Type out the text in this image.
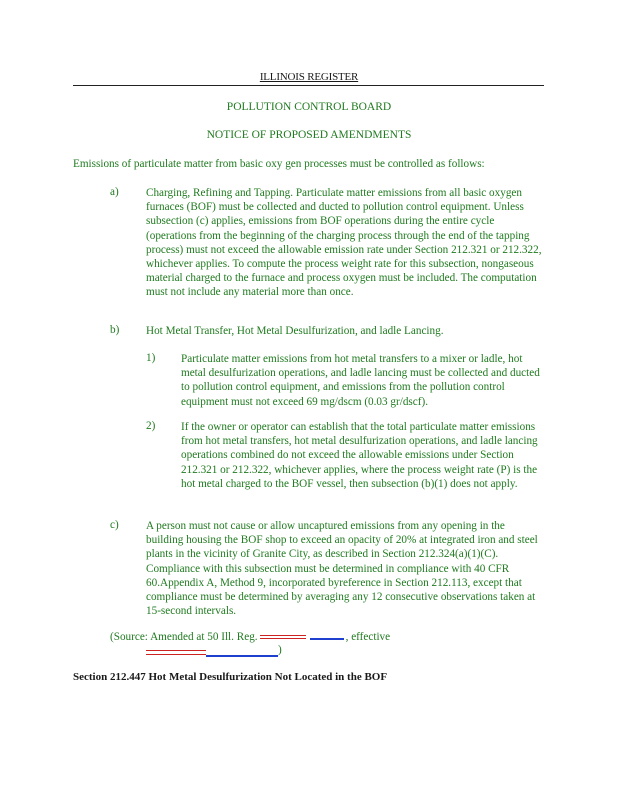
ILLINOIS REGISTER
POLLUTION CONTROL BOARD
NOTICE OF PROPOSED AMENDMENTS
Emissions of particulate matter from basic oxy gen processes must be controlled as follows:
a) Charging, Refining and Tapping. Particulate matter emissions from all basic oxygen furnaces (BOF) must be collected and ducted to pollution control equipment. Unless subsection (c) applies, emissions from BOF operations during the entire cycle (operations from the beginning of the charging process through the end of the tapping process) must not exceed the allowable emission rate under Section 212.321 or 212.322, whichever applies. To compute the process weight rate for this subsection, nongaseous material charged to the furnace and process oxygen must be included. The computation must not include any material more than once.
b) Hot Metal Transfer, Hot Metal Desulfurization, and ladle Lancing.
1) Particulate matter emissions from hot metal transfers to a mixer or ladle, hot metal desulfurization operations, and ladle lancing must be collected and ducted to pollution control equipment, and emissions from the pollution control equipment must not exceed 69 mg/dscm (0.03 gr/dscf).
2) If the owner or operator can establish that the total particulate matter emissions from hot metal transfers, hot metal desulfurization operations, and ladle lancing operations combined do not exceed the allowable emissions under Section 212.321 or 212.322, whichever applies, where the process weight rate (P) is the hot metal charged to the BOF vessel, then subsection (b)(1) does not apply.
c) A person must not cause or allow uncaptured emissions from any opening in the building housing the BOF shop to exceed an opacity of 20% at integrated iron and steel plants in the vicinity of Granite City, as described in Section 212.324(a)(1)(C). Compliance with this subsection must be determined in compliance with 40 CFR 60.Appendix A, Method 9, incorporated byreference in Section 212.113, except that compliance must be determined by averaging any 12 consecutive observations taken at 15-second intervals.
(Source: Amended at 50 Ill. Reg.	, effective
)
Section 212.447 Hot Metal Desulfurization Not Located in the BOF
